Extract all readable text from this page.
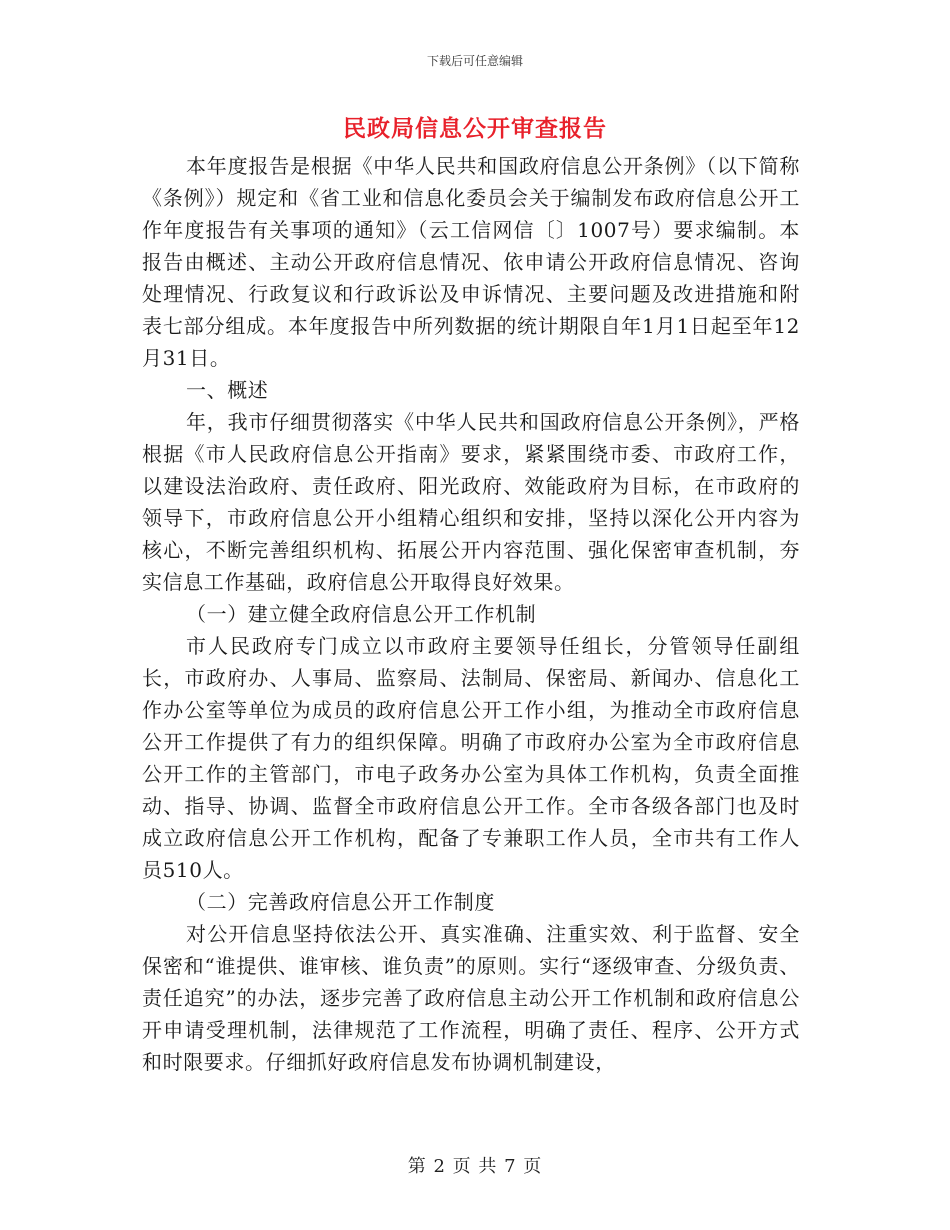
下载后可任意编辑
民政局信息公开审查报告

本年度报告是根据《中华人民共和国政府信息公开条例》（以下简称《条例》）规定和《省工业和信息化委员会关于编制发布政府信息公开工作年度报告有关事项的通知》（云工信网信〔〕1007号）要求编制。本报告由概述、主动公开政府信息情况、依申请公开政府信息情况、咨询处理情况、行政复议和行政诉讼及申诉情况、主要问题及改进措施和附表七部分组成。本年度报告中所列数据的统计期限自年1月1日起至年12月31日。

一、概述

年，我市仔细贯彻落实《中华人民共和国政府信息公开条例》，严格根据《市人民政府信息公开指南》要求，紧紧围绕市委、市政府工作，以建设法治政府、责任政府、阳光政府、效能政府为目标，在市政府的领导下，市政府信息公开小组精心组织和安排，坚持以深化公开内容为核心，不断完善组织机构、拓展公开内容范围、强化保密审查机制，夯实信息工作基础，政府信息公开取得良好效果。

（一）建立健全政府信息公开工作机制

市人民政府专门成立以市政府主要领导任组长，分管领导任副组长，市政府办、人事局、监察局、法制局、保密局、新闻办、信息化工作办公室等单位为成员的政府信息公开工作小组，为推动全市政府信息公开工作提供了有力的组织保障。明确了市政府办公室为全市政府信息公开工作的主管部门，市电子政务办公室为具体工作机构，负责全面推动、指导、协调、监督全市政府信息公开工作。全市各级各部门也及时成立政府信息公开工作机构，配备了专兼职工作人员，全市共有工作人员510人。

（二）完善政府信息公开工作制度

对公开信息坚持依法公开、真实准确、注重实效、利于监督、安全保密和“谁提供、谁审核、谁负责”的原则。实行“逐级审查、分级负责、责任追究”的办法，逐步完善了政府信息主动公开工作机制和政府信息公开申请受理机制，法律规范了工作流程，明确了责任、程序、公开方式和时限要求。仔细抓好政府信息发布协调机制建设，

第 2 页 共 7 页
